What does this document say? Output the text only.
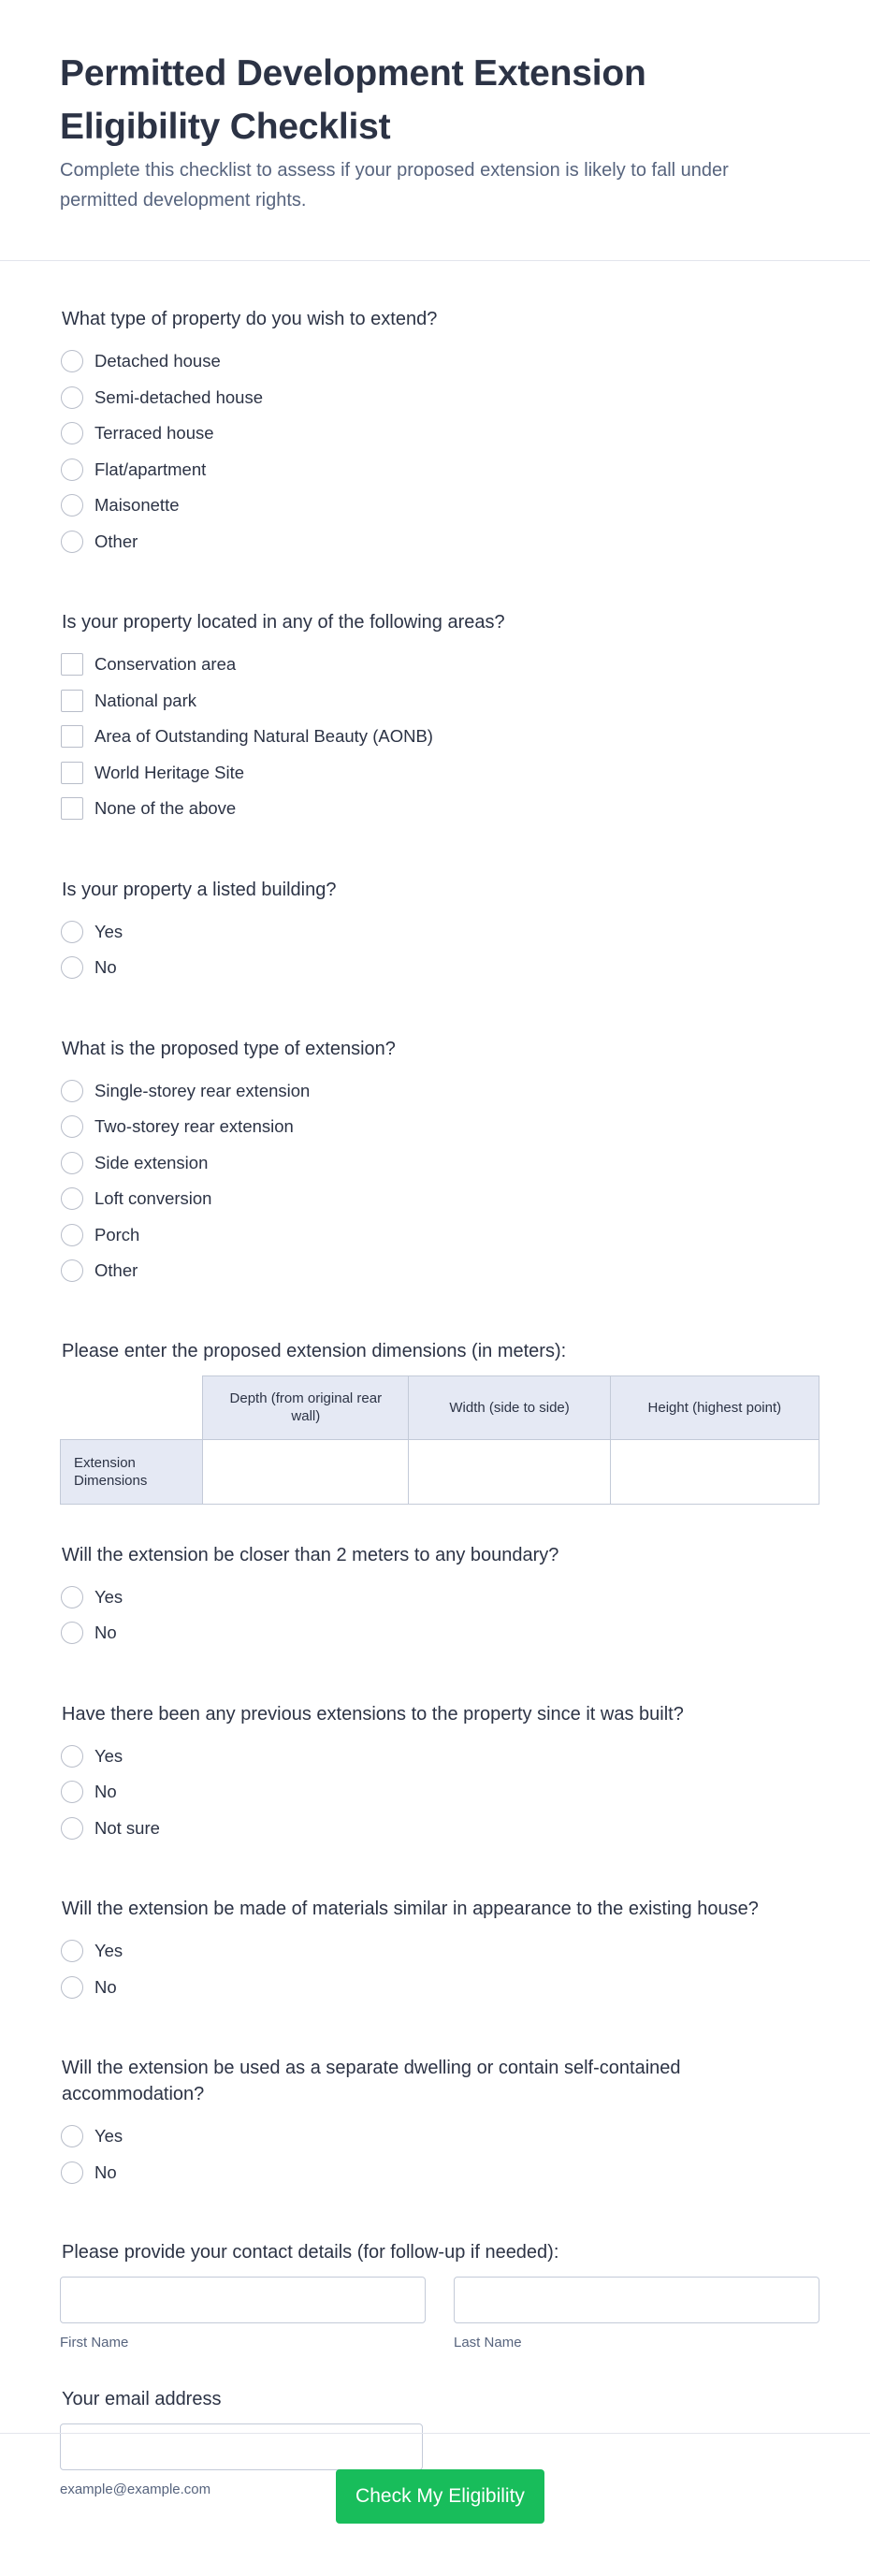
Permitted Development Extension Eligibility Checklist

Complete this checklist to assess if your proposed extension is likely to fall under permitted development rights.

What type of property do you wish to extend?
Detached house
Semi-detached house
Terraced house
Flat/apartment
Maisonette
Other
Is your property located in any of the following areas?
Conservation area
National park
Area of Outstanding Natural Beauty (AONB)
World Heritage Site
None of the above
Is your property a listed building?
Yes
No
What is the proposed type of extension?
Single-storey rear extension
Two-storey rear extension
Side extension
Loft conversion
Porch
Other
Please enter the proposed extension dimensions (in meters):
	Depth (from original rear wall)	Width (side to side)	Height (highest point)
Extension Dimensions			
Will the extension be closer than 2 meters to any boundary?
Yes
No
Have there been any previous extensions to the property since it was built?
Yes
No
Not sure
Will the extension be made of materials similar in appearance to the existing house?
Yes
No
Will the extension be used as a separate dwelling or contain self-contained accommodation?
Yes
No
Please provide your contact details (for follow-up if needed):
First Name	Last Name
Your email address
example@example.com	Check My Eligibility
